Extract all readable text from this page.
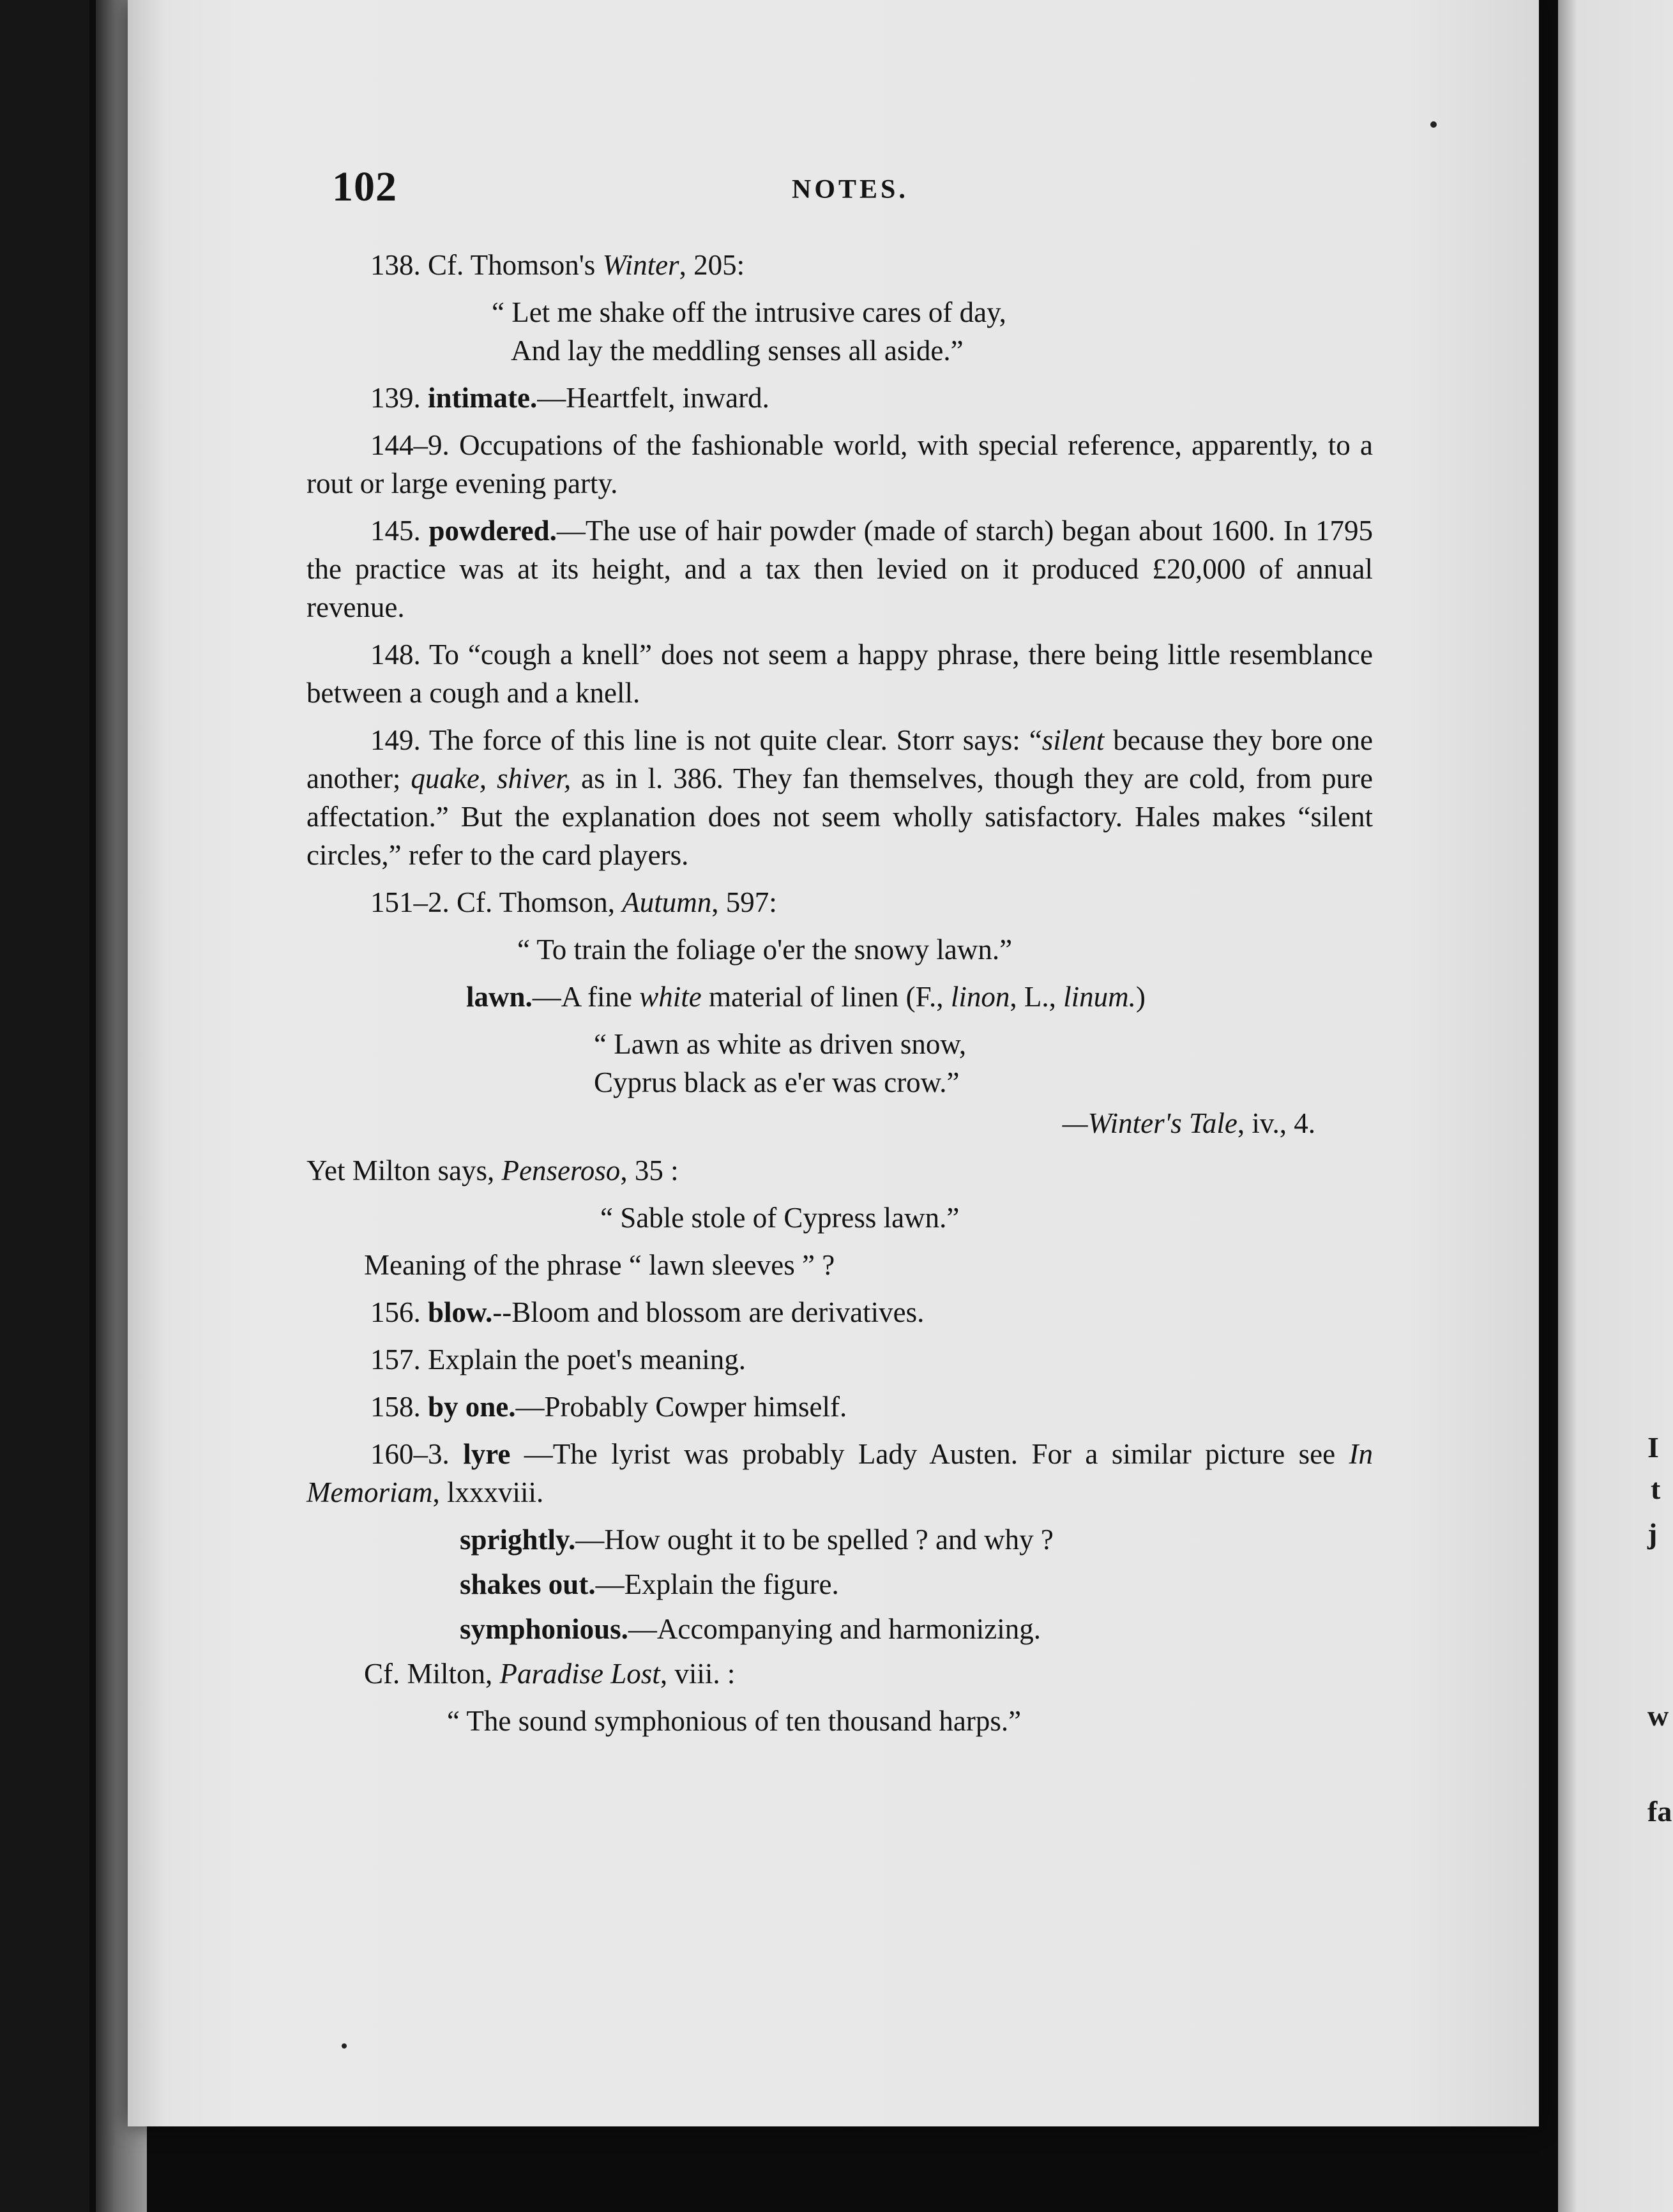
I
t
j
w
fa
102	NOTES.

138. Cf. Thomson's Winter, 205:

“ Let me shake off the intrusive cares of day,
And lay the meddling senses all aside.”

139. intimate.—Heartfelt, inward.

144–9. Occupations of the fashionable world, with special reference, apparently, to a rout or large evening party.

145. powdered.—The use of hair powder (made of starch) began about 1600. In 1795 the practice was at its height, and a tax then levied on it produced £20,000 of annual revenue.

148. To “cough a knell” does not seem a happy phrase, there being little resemblance between a cough and a knell.

149. The force of this line is not quite clear. Storr says: “silent because they bore one another; quake, shiver, as in l. 386. They fan themselves, though they are cold, from pure affectation.” But the explanation does not seem wholly satisfactory. Hales makes “silent circles,” refer to the card players.

151–2. Cf. Thomson, Autumn, 597:

“ To train the foliage o'er the snowy lawn.”

lawn.—A fine white material of linen (F., linon, L., linum.)

“ Lawn as white as driven snow,
Cyprus black as e'er was crow.”

—Winter's Tale, iv., 4.

Yet Milton says, Penseroso, 35 :

“ Sable stole of Cypress lawn.”

Meaning of the phrase “ lawn sleeves ” ?

156. blow.--Bloom and blossom are derivatives.

157. Explain the poet's meaning.

158. by one.—Probably Cowper himself.

160–3. lyre —The lyrist was probably Lady Austen. For a similar picture see In Memoriam, lxxxviii.

sprightly.—How ought it to be spelled ? and why ?

shakes out.—Explain the figure.

symphonious.—Accompanying and harmonizing.

Cf. Milton, Paradise Lost, viii. :

“ The sound symphonious of ten thousand harps.”
